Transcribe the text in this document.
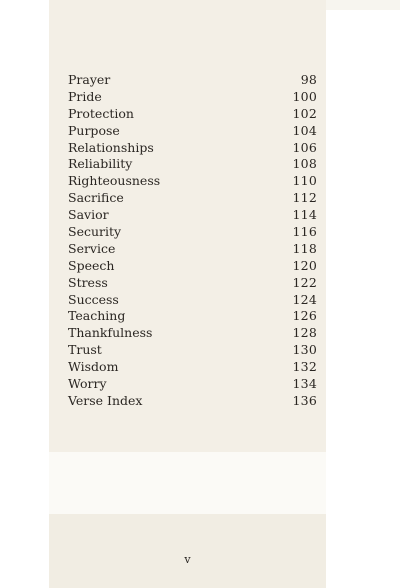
Prayer	98
Pride	100
Protection	102
Purpose	104
Relationships	106
Reliability	108
Righteousness	110
Sacrifice	112
Savior	114
Security	116
Service	118
Speech	120
Stress	122
Success	124
Teaching	126
Thankfulness	128
Trust	130
Wisdom	132
Worry	134
Verse Index	136
v
